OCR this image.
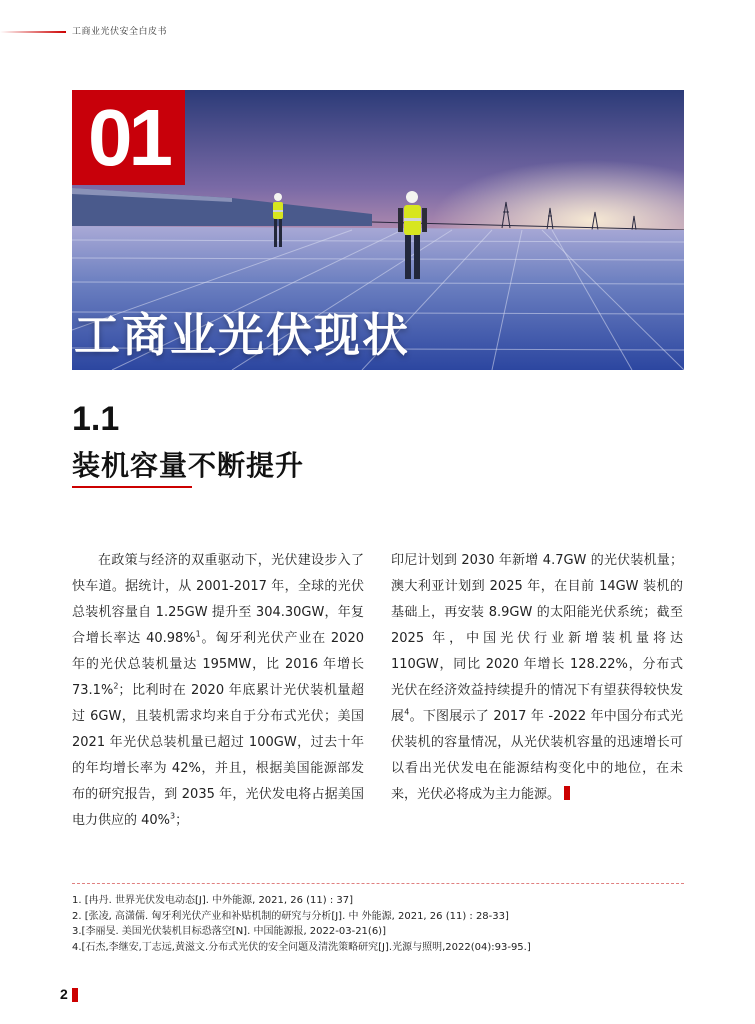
工商业光伏安全白皮书
01
工商业光伏现状
1.1
装机容量不断提升
在政策与经济的双重驱动下，光伏建设步入了快车道。据统计，从 2001-2017 年，全球的光伏总装机容量自 1.25GW 提升至 304.30GW，年复合增长率达 40.98%$^1$。匈牙利光伏产业在 2020 年的光伏总装机量达 195MW，比 2016 年增长 73.1%$^2$；比利时在 2020 年底累计光伏装机量超过 6GW，且装机需求均来自于分布式光伏；美国 2021 年光伏总装机量已超过 100GW，过去十年的年均增长率为 42%，并且，根据美国能源部发布的研究报告，到 2035 年，光伏发电将占据美国电力供应的 40%$^3$；
印尼计划到 2030 年新增 4.7GW 的光伏装机量；澳大利亚计划到 2025 年，在目前 14GW 装机的基础上，再安装 8.9GW 的太阳能光伏系统；截至 2025 年，中国光伏行业新增装机量将达 110GW，同比 2020 年增长 128.22%，分布式光伏在经济效益持续提升的情况下有望获得较快发展$^4$。下图展示了 2017 年 -2022 年中国分布式光伏装机的容量情况，从光伏装机容量的迅速增长可以看出光伏发电在能源结构变化中的地位，在未来，光伏必将成为主力能源。

1. [冉丹. 世界光伏发电动态[J]. 中外能源, 2021, 26 (11) : 37]

2. [张凌, 高潇儒. 匈牙利光伏产业和补贴机制的研究与分析[J]. 中 外能源, 2021, 26 (11) : 28-33]

3.[李丽旻. 美国光伏装机目标恐落空[N]. 中国能源报, 2022-03-21(6)]

4.[石杰,李继安,丁志远,黄滋文.分布式光伏的安全问题及清洗策略研究[J].光源与照明,2022(04):93-95.]

2
